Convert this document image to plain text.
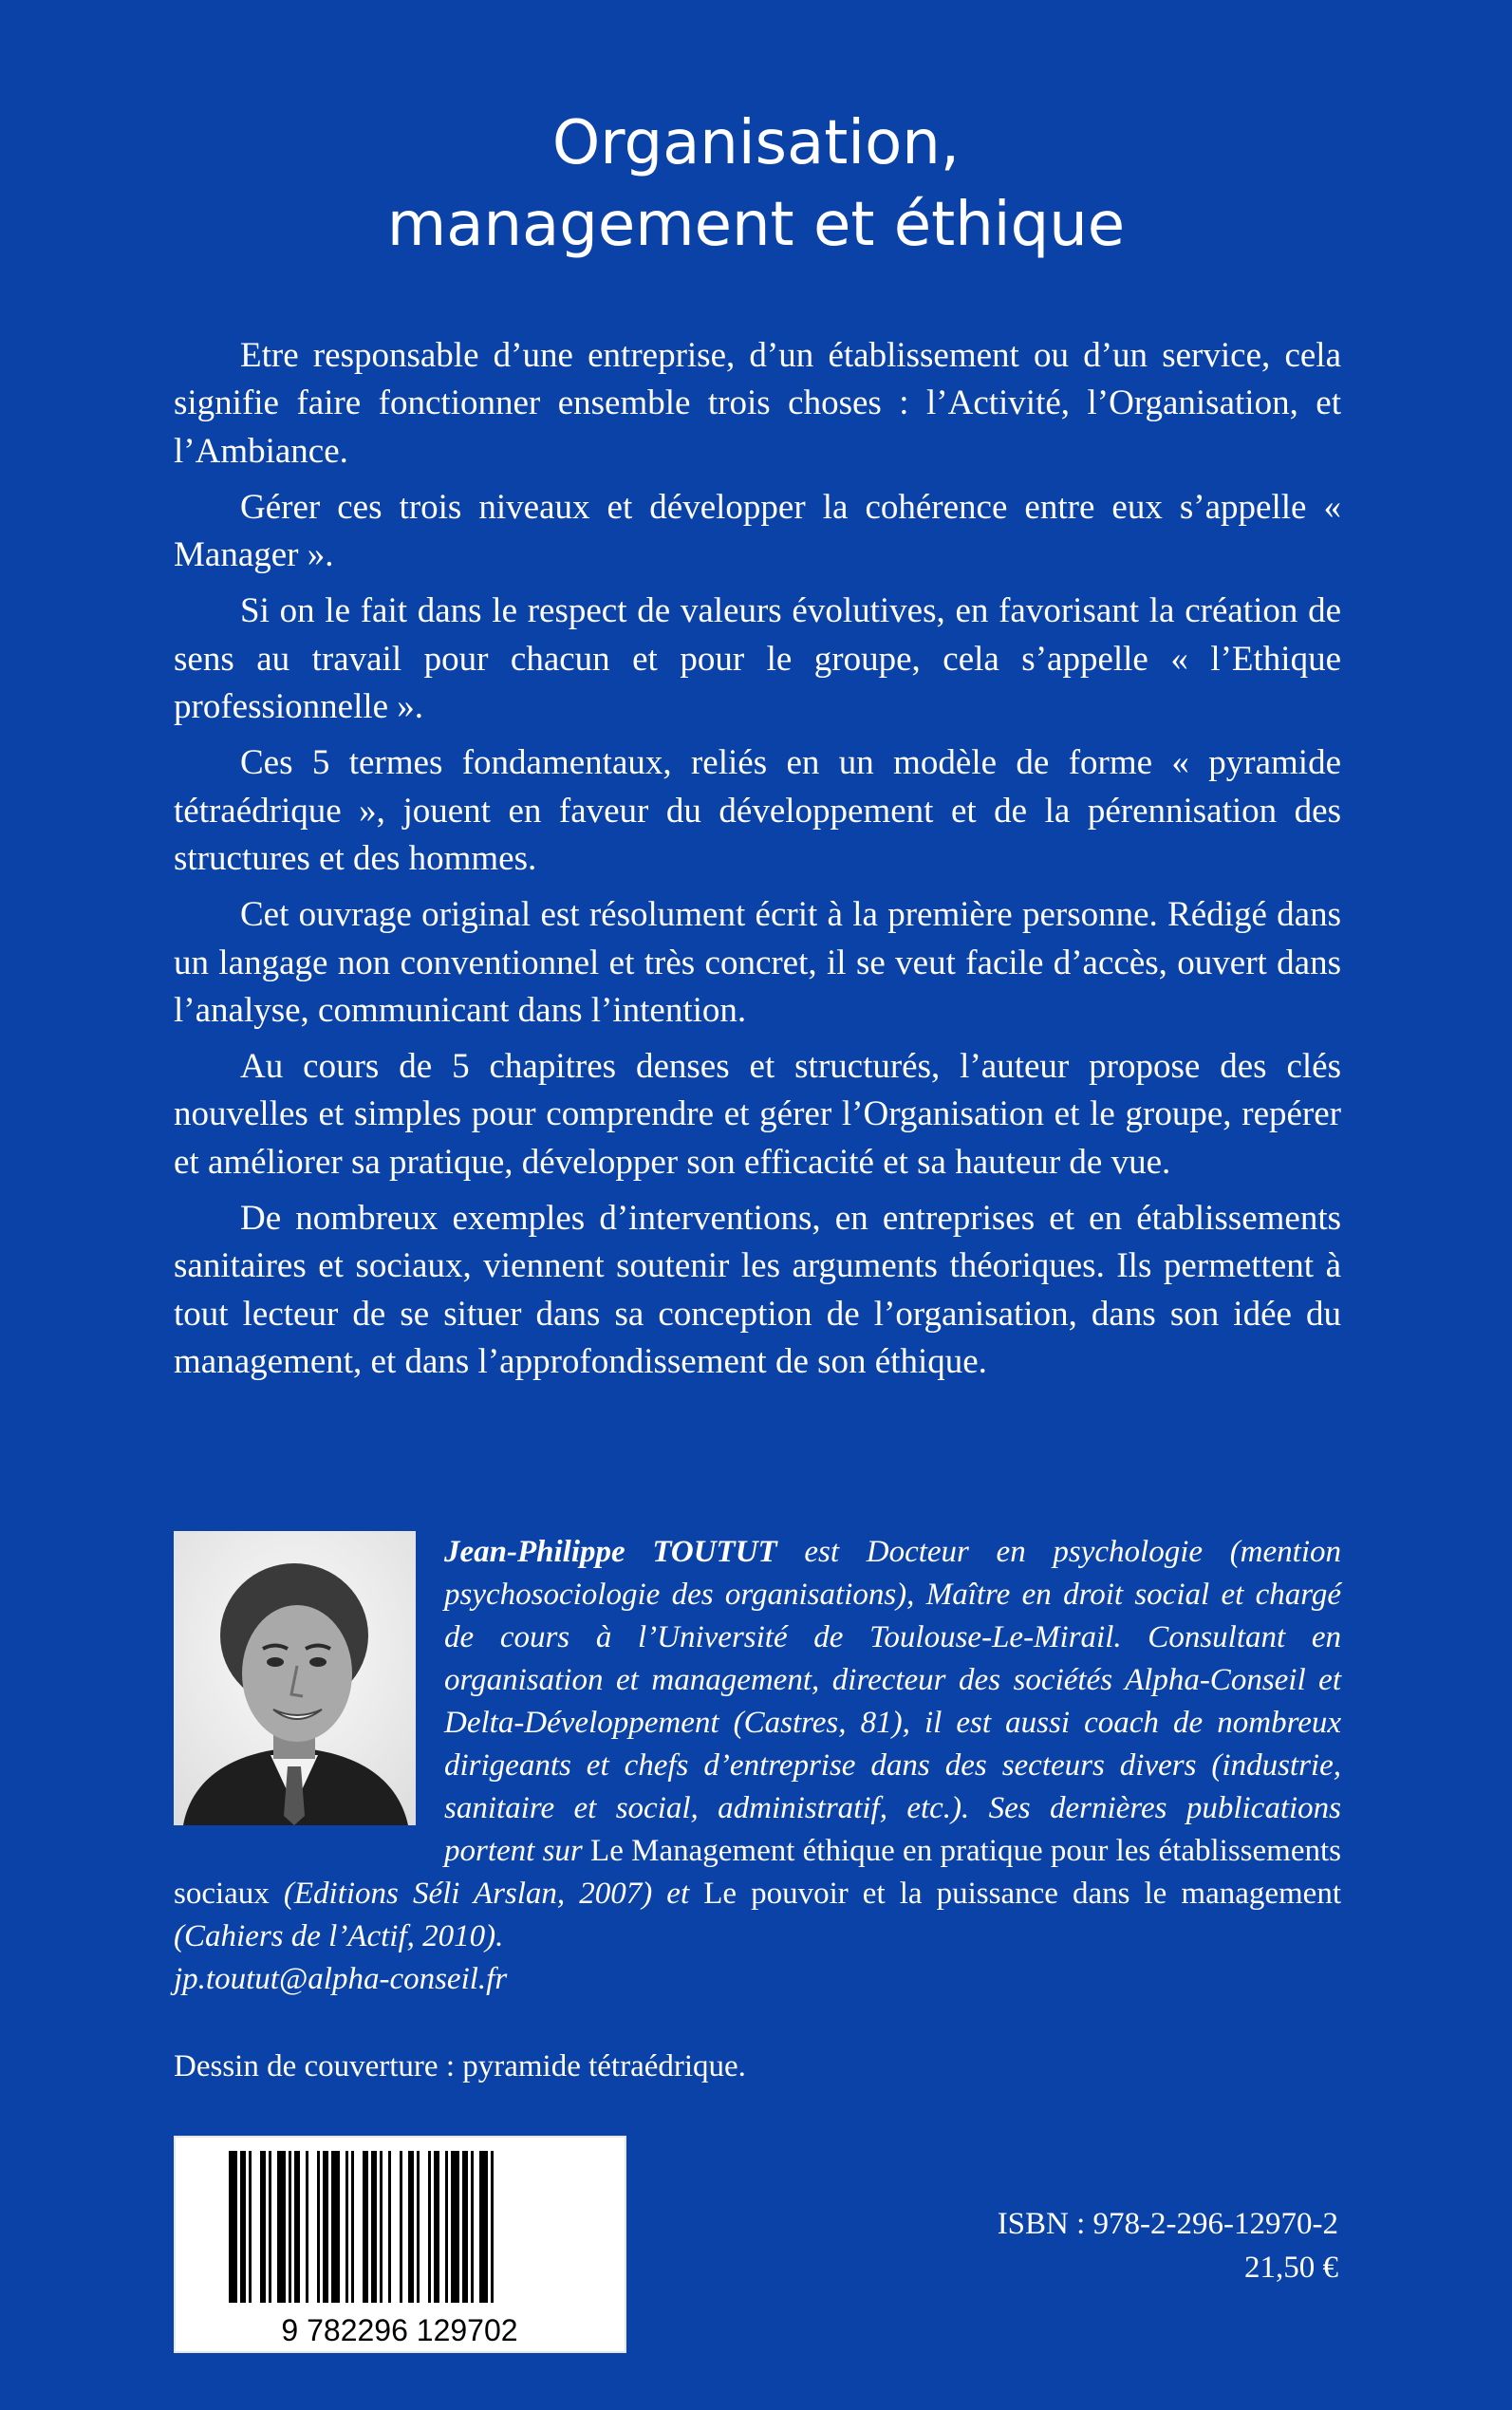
Organisation,
management et éthique

Etre responsable d’une entreprise, d’un établissement ou d’un service, cela signifie faire fonctionner ensemble trois choses : l’Activité, l’Organisation, et l’Ambiance.

Gérer ces trois niveaux et développer la cohérence entre eux s’appelle « Manager ».

Si on le fait dans le respect de valeurs évolutives, en favorisant la création de sens au travail pour chacun et pour le groupe, cela s’appelle « l’Ethique professionnelle ».

Ces 5 termes fondamentaux, reliés en un modèle de forme « pyramide tétraédrique », jouent en faveur du développement et de la pérennisation des structures et des hommes.

Cet ouvrage original est résolument écrit à la première personne. Rédigé dans un langage non conventionnel et très concret, il se veut facile d’accès, ouvert dans l’analyse, communicant dans l’intention.

Au cours de 5 chapitres denses et structurés, l’auteur propose des clés nouvelles et simples pour comprendre et gérer l’Organisation et le groupe, repérer et améliorer sa pratique, développer son efficacité et sa hauteur de vue.

De nombreux exemples d’interventions, en entreprises et en établissements sanitaires et sociaux, viennent soutenir les arguments théoriques. Ils permettent à tout lecteur de se situer dans sa conception de l’organisation, dans son idée du management, et dans l’approfondissement de son éthique.

Jean-Philippe TOUTUT est Docteur en psychologie (mention psychosociologie des organisations), Maître en droit social et chargé de cours à l’Université de Toulouse-Le-Mirail. Consultant en organisation et management, directeur des sociétés Alpha-Conseil et Delta-Développement (Castres, 81), il est aussi coach de nombreux dirigeants et chefs d’entreprise dans des secteurs divers (industrie, sanitaire et social, administratif, etc.). Ses dernières publications portent sur Le Management éthique en pratique pour les établissements sociaux (Editions Séli Arslan, 2007) et Le pouvoir et la puissance dans le management (Cahiers de l’Actif, 2010).
jp.toutut@alpha-conseil.fr

Dessin de couverture : pyramide tétraédrique.
9 782296 129702
ISBN : 978-2-296-12970-2
21,50 €
